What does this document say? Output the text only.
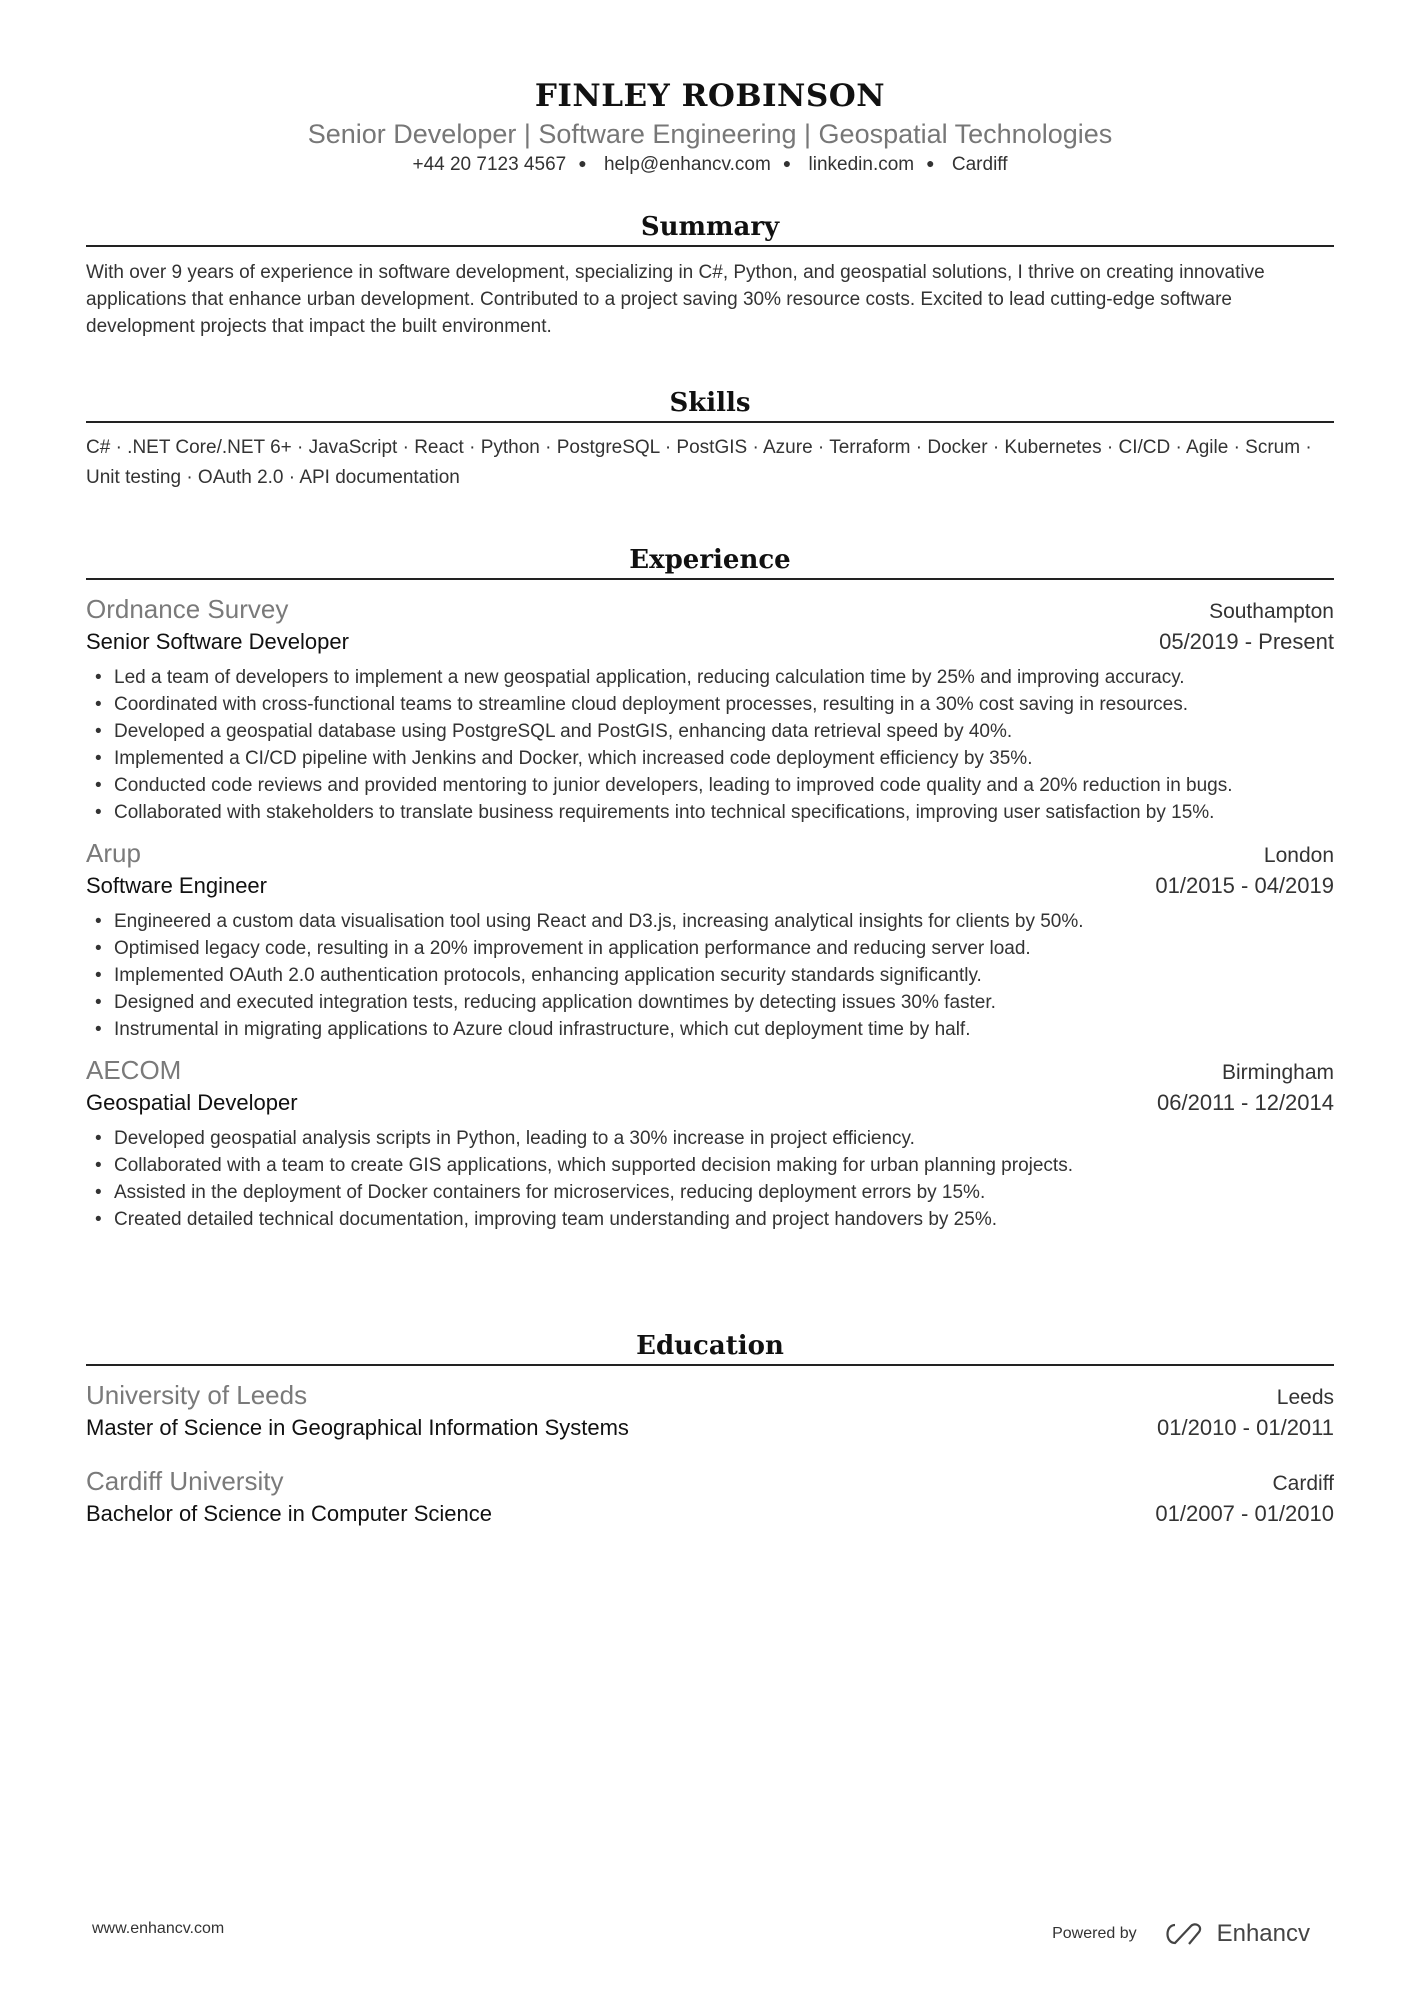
FINLEY ROBINSON
Senior Developer | Software Engineering | Geospatial Technologies
+44 20 7123 4567 ● help@enhancv.com ● linkedin.com ● Cardiff
Summary

With over 9 years of experience in software development, specializing in C#, Python, and geospatial solutions, I thrive on creating innovative applications that enhance urban development. Contributed to a project saving 30% resource costs. Excited to lead cutting-edge software development projects that impact the built environment.

Skills

C# · .NET Core/.NET 6+ · JavaScript · React · Python · PostgreSQL · PostGIS · Azure · Terraform · Docker · Kubernetes · CI/CD · Agile · Scrum · Unit testing · OAuth 2.0 · API documentation

Experience
Ordnance Survey	Southampton
Senior Software Developer	05/2019 - Present
• Led a team of developers to implement a new geospatial application, reducing calculation time by 25% and improving accuracy.
• Coordinated with cross-functional teams to streamline cloud deployment processes, resulting in a 30% cost saving in resources.
• Developed a geospatial database using PostgreSQL and PostGIS, enhancing data retrieval speed by 40%.
• Implemented a CI/CD pipeline with Jenkins and Docker, which increased code deployment efficiency by 35%.
• Conducted code reviews and provided mentoring to junior developers, leading to improved code quality and a 20% reduction in bugs.
• Collaborated with stakeholders to translate business requirements into technical specifications, improving user satisfaction by 15%.
Arup	London
Software Engineer	01/2015 - 04/2019
• Engineered a custom data visualisation tool using React and D3.js, increasing analytical insights for clients by 50%.
• Optimised legacy code, resulting in a 20% improvement in application performance and reducing server load.
• Implemented OAuth 2.0 authentication protocols, enhancing application security standards significantly.
• Designed and executed integration tests, reducing application downtimes by detecting issues 30% faster.
• Instrumental in migrating applications to Azure cloud infrastructure, which cut deployment time by half.
AECOM	Birmingham
Geospatial Developer	06/2011 - 12/2014
• Developed geospatial analysis scripts in Python, leading to a 30% increase in project efficiency.
• Collaborated with a team to create GIS applications, which supported decision making for urban planning projects.
• Assisted in the deployment of Docker containers for microservices, reducing deployment errors by 15%.
• Created detailed technical documentation, improving team understanding and project handovers by 25%.
Education
University of Leeds	Leeds
Master of Science in Geographical Information Systems	01/2010 - 01/2011
Cardiff University	Cardiff
Bachelor of Science in Computer Science	01/2007 - 01/2010
www.enhancv.com	Powered by	Enhancv
